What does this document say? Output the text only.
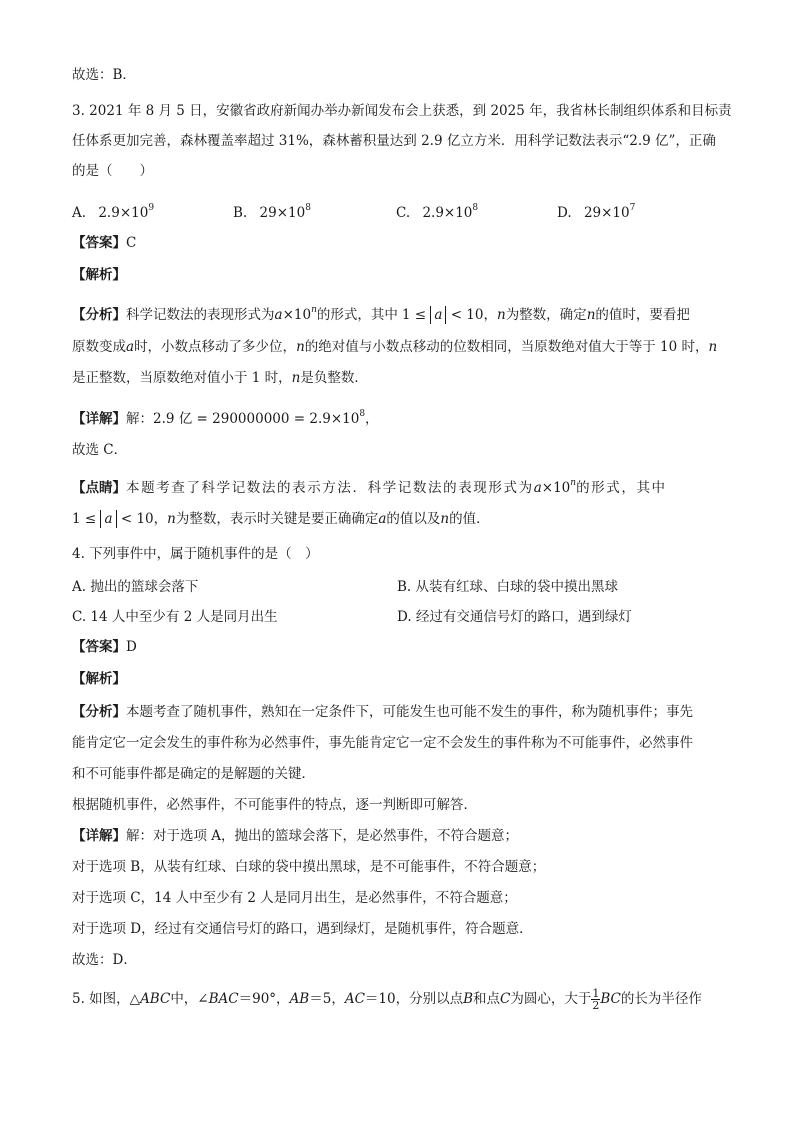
故选：B．
3. 2021 年 8 月 5 日，安徽省政府新闻办举办新闻发布会上获悉，到 2025 年，我省林长制组织体系和目标责
任体系更加完善，森林覆盖率超过 31%，森林蓄积量达到 2.9 亿立方米．用科学记数法表示“2.9 亿”，正确
的是（　　）
A. $2.9\times 10^9$	B. $29\times 10^8$	C. $2.9\times 10^8$	D. $29\times 10^7$
【答案】C
【解析】
【分析】科学记数法的表现形式为$a\times 10^n$的形式，其中 1 ≤ a < 10，n为整数，确定n的值时，要看把
原数变成a时，小数点移动了多少位，n的绝对值与小数点移动的位数相同，当原数绝对值大于等于 10 时，n
是正整数，当原数绝对值小于 1 时，n是负整数．
【详解】解：2.9 亿 = $290000000 = 2.9\times 10^8$，
故选 C．
【点睛】本题考查了科学记数法的表示方法．科学记数法的表现形式为$a\times 10^n$的形式，其中
1 ≤ a < 10，n为整数，表示时关键是要正确确定a的值以及n的值．
4. 下列事件中，属于随机事件的是（　）
A. 抛出的篮球会落下	B. 从装有红球、白球的袋中摸出黑球
C. 14 人中至少有 2 人是同月出生	D. 经过有交通信号灯的路口，遇到绿灯
【答案】D
【解析】
【分析】本题考查了随机事件，熟知在一定条件下，可能发生也可能不发生的事件，称为随机事件；事先
能肯定它一定会发生的事件称为必然事件，事先能肯定它一定不会发生的事件称为不可能事件，必然事件
和不可能事件都是确定的是解题的关键．
根据随机事件，必然事件，不可能事件的特点，逐一判断即可解答．
【详解】解：对于选项 A，抛出的篮球会落下，是必然事件，不符合题意；
对于选项 B，从装有红球、白球的袋中摸出黑球，是不可能事件，不符合题意；
对于选项 C，14 人中至少有 2 人是同月出生，是必然事件，不符合题意；
对于选项 D，经过有交通信号灯的路口，遇到绿灯，是随机事件，符合题意．
故选：D．
5. 如图，△ABC中，∠BAC＝90°，AB＝5，AC＝10，分别以点B和点C为圆心，大于 $\frac{1}{2}$ BC的长为半径作
